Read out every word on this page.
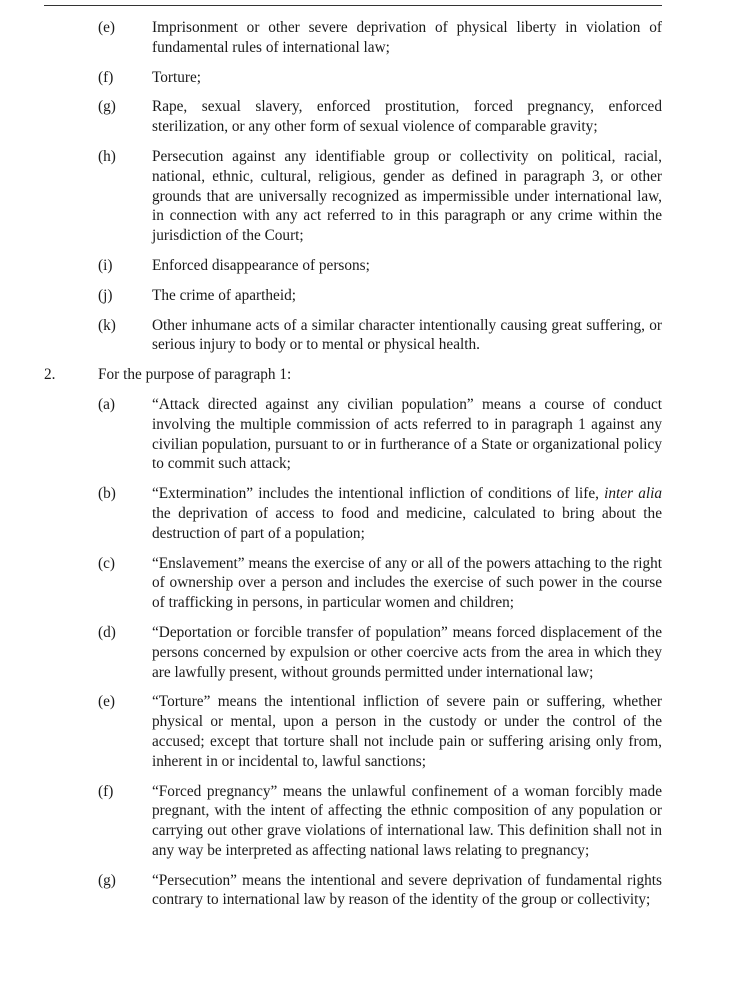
(e) Imprisonment or other severe deprivation of physical liberty in violation of fundamental rules of international law;
(f)	Torture;
(g) Rape, sexual slavery, enforced prostitution, forced pregnancy, enforced sterilization, or any other form of sexual violence of comparable gravity;
(h) Persecution against any identifiable group or collectivity on political, racial, national, ethnic, cultural, religious, gender as defined in paragraph 3, or other grounds that are universally recognized as impermissible under international law, in connection with any act referred to in this paragraph or any crime within the jurisdiction of the Court;
(i)	Enforced disappearance of persons;
(j)	The crime of apartheid;
(k) Other inhumane acts of a similar character intentionally causing great suffering, or serious injury to body or to mental or physical health.
2.	For the purpose of paragraph 1:
(a) “Attack directed against any civilian population” means a course of conduct involving the multiple commission of acts referred to in paragraph 1 against any civilian population, pursuant to or in furtherance of a State or organizational policy to commit such attack;
(b) “Extermination” includes the intentional infliction of conditions of life, inter alia the deprivation of access to food and medicine, calculated to bring about the destruction of part of a population;
(c) “Enslavement” means the exercise of any or all of the powers attaching to the right of ownership over a person and includes the exercise of such power in the course of trafficking in persons, in particular women and children;
(d) “Deportation or forcible transfer of population” means forced displacement of the persons concerned by expulsion or other coercive acts from the area in which they are lawfully present, without grounds permitted under international law;
(e) “Torture” means the intentional infliction of severe pain or suffering, whether physical or mental, upon a person in the custody or under the control of the accused; except that torture shall not include pain or suffering arising only from, inherent in or incidental to, lawful sanctions;
(f)	“Forced pregnancy” means the unlawful confinement of a woman forcibly made pregnant, with the intent of affecting the ethnic composition of any population or carrying out other grave violations of international law. This definition shall not in any way be interpreted as affecting national laws relating to pregnancy;
(g) “Persecution” means the intentional and severe deprivation of fundamental rights contrary to international law by reason of the identity of the group or collectivity;
